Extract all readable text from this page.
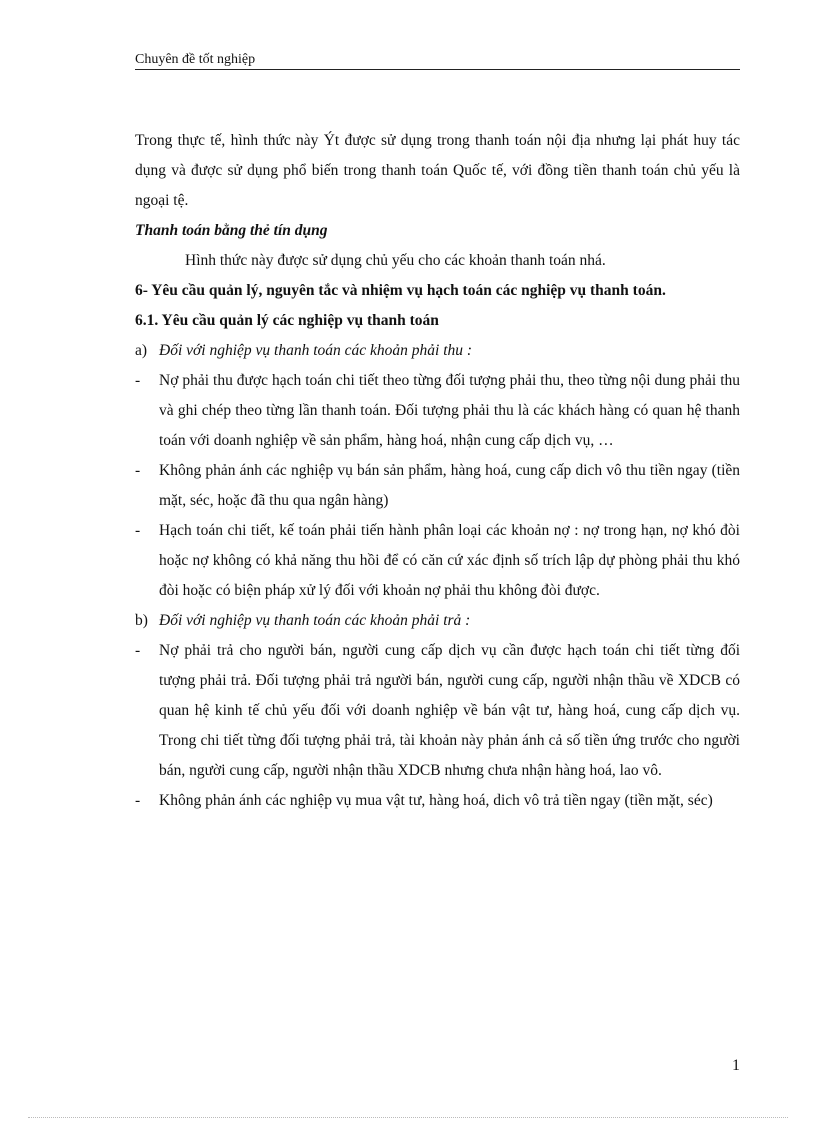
Chuyên đề tốt nghiệp

Trong thực tế, hình thức này Ýt được sử dụng trong thanh toán nội địa nhưng lại phát huy tác dụng và được sử dụng phổ biến trong thanh toán Quốc tế, với đồng tiền thanh toán chủ yếu là ngoại tệ.

Thanh toán bằng thẻ tín dụng

Hình thức này được sử dụng chủ yếu cho các khoản thanh toán nhá.

6- Yêu cầu quản lý, nguyên tắc và nhiệm vụ hạch toán các nghiệp vụ thanh toán.

6.1. Yêu cầu quản lý các nghiệp vụ thanh toán

a) Đối với nghiệp vụ thanh toán các khoản phải thu :
-	Nợ phải thu được hạch toán chi tiết theo từng đối tượng phải thu, theo từng nội dung phải thu và ghi chép theo từng lần thanh toán. Đối tượng phải thu là các khách hàng có quan hệ thanh toán với doanh nghiệp về sản phẩm, hàng hoá, nhận cung cấp dịch vụ, …
-	Không phản ánh các nghiệp vụ bán sản phẩm, hàng hoá, cung cấp dich vô thu tiền ngay (tiền mặt, séc, hoặc đã thu qua ngân hàng)
-	Hạch toán chi tiết, kế toán phải tiến hành phân loại các khoản nợ : nợ trong hạn, nợ khó đòi hoặc nợ không có khả năng thu hồi để có căn cứ xác định số trích lập dự phòng phải thu khó đòi hoặc có biện pháp xử lý đối với khoản nợ phải thu không đòi được.
b) Đối với nghiệp vụ thanh toán các khoản phải trả :
-	Nợ phải trả cho người bán, người cung cấp dịch vụ cần được hạch toán chi tiết từng đối tượng phải trả. Đối tượng phải trả người bán, người cung cấp, người nhận thầu về XDCB có quan hệ kinh tế chủ yếu đối với doanh nghiệp về bán vật tư, hàng hoá, cung cấp dịch vụ. Trong chi tiết từng đối tượng phải trả, tài khoản này phản ánh cả số tiền ứng trước cho người bán, người cung cấp, người nhận thầu XDCB nhưng chưa nhận hàng hoá, lao vô.
-	Không phản ánh các nghiệp vụ mua vật tư, hàng hoá, dich vô trả tiền ngay (tiền mặt, séc)
1
